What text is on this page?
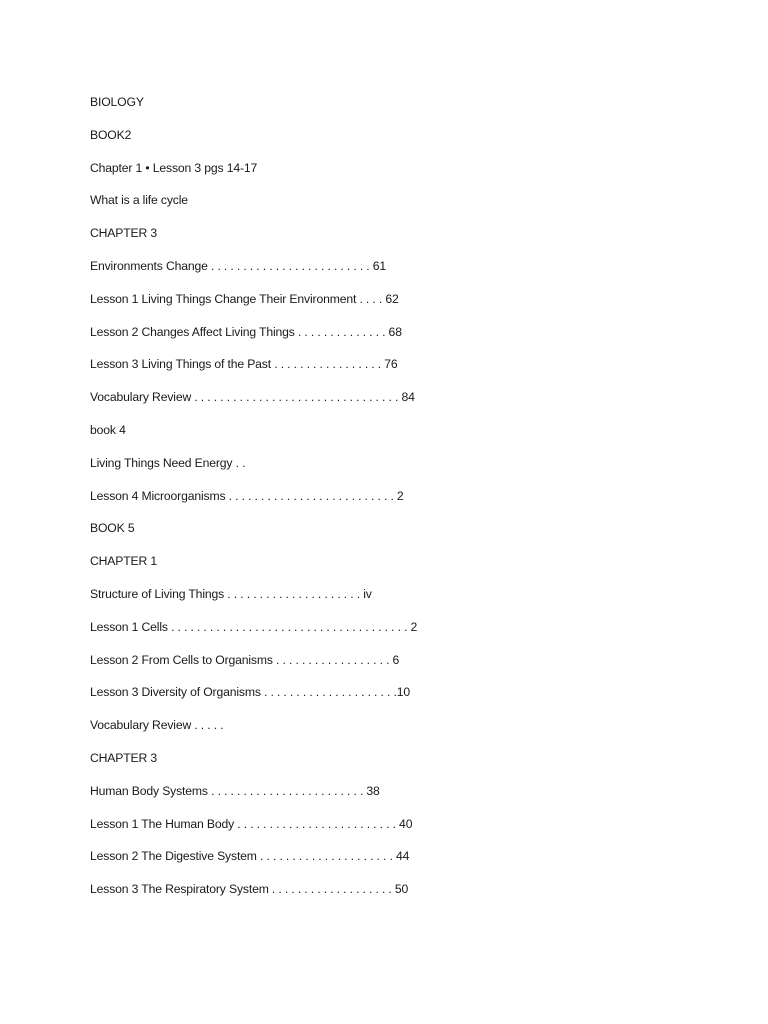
BIOLOGY
BOOK2
Chapter 1 • Lesson 3 pgs 14-17
What is a life cycle
CHAPTER 3
Environments Change . . . . . . . . . . . . . . . . . . . . . . . . . 61
Lesson 1 Living Things Change Their Environment . . . . 62
Lesson 2 Changes Affect Living Things . . . . . . . . . . . . . . 68
Lesson 3 Living Things of the Past . . . . . . . . . . . . . . . . . 76
Vocabulary Review . . . . . . . . . . . . . . . . . . . . . . . . . . . . . . . . 84
book 4
Living Things Need Energy . .
Lesson 4 Microorganisms . . . . . . . . . . . . . . . . . . . . . . . . . . 2
BOOK 5
CHAPTER 1
Structure of Living Things . . . . . . . . . . . . . . . . . . . . . iv
Lesson 1 Cells . . . . . . . . . . . . . . . . . . . . . . . . . . . . . . . . . . . . . 2
Lesson 2 From Cells to Organisms . . . . . . . . . . . . . . . . . . 6
Lesson 3 Diversity of Organisms . . . . . . . . . . . . . . . . . . . . .10
Vocabulary Review . . . . .
CHAPTER 3
Human Body Systems . . . . . . . . . . . . . . . . . . . . . . . . 38
Lesson 1 The Human Body . . . . . . . . . . . . . . . . . . . . . . . . . 40
Lesson 2 The Digestive System . . . . . . . . . . . . . . . . . . . . . 44
Lesson 3 The Respiratory System . . . . . . . . . . . . . . . . . . . 50
